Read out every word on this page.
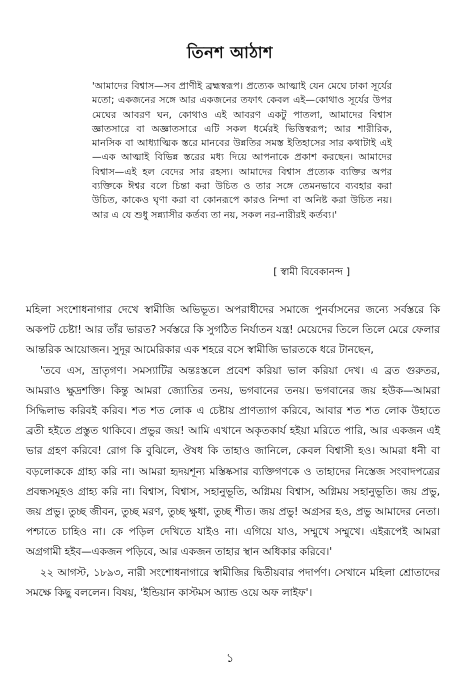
তিনশ আঠাশ
'আমাদের বিশ্বাস—সব প্রাণীই ব্রহ্মস্বরূপ। প্রত্যেক আত্মাই যেন মেঘে ঢাকা সূর্যের মতো; একজনের সঙ্গে আর একজনের তফাৎ কেবল এই—কোথাও সূর্যের উপর মেঘের আবরণ ঘন, কোথাও এই আবরণ একটু পাতলা, আমাদের বিশ্বাস জ্ঞাতসারে বা অজ্ঞাতসারে এটি সকল ধর্মেরই ভিত্তিস্বরূপ; আর শারীরিক, মানসিক বা আধ্যাত্মিক স্তরে মানবের উন্নতির সমস্ত ইতিহাসের সার কথাটাই এই—এক আত্মাই বিভিন্ন স্তরের মধ্য দিয়ে আপনাকে প্রকাশ করছেন। আমাদের বিশ্বাস—এই হল বেদের সার রহস্য। আমাদের বিশ্বাস প্রত্যেক ব্যক্তির অপর ব্যক্তিকে ঈশ্বর বলে চিন্তা করা উচিত ও তার সঙ্গে তেমনভাবে ব্যবহার করা উচিত, কাকেও ঘৃণা করা বা কোনরূপে কারও নিন্দা বা অনিষ্ট করা উচিত নয়। আর এ যে শুধু সন্ন্যাসীর কর্তব্য তা নয়, সকল নর-নারীরই কর্তব্য।'
[ স্বামী বিবেকানন্দ ]

মহিলা সংশোধনাগার দেখে স্বামীজি অভিভূত। অপরাধীদের সমাজে পুনর্বাসনের জন্যে সর্বস্তরে কি অকপট চেষ্টা! আর তাঁর ভারত? সর্বস্তরে কি সুগঠিত নির্যাতন যন্ত্র! মেয়েদের তিলে তিলে মেরে ফেলার আন্তরিক আয়োজন। সুদূর আমেরিকার এক শহরে বসে স্বামীজি ভারতকে ধরে টানছেন,

'তবে এস, ভ্রাতৃগণ। সমস্যাটির অন্তঃস্তলে প্রবেশ করিয়া ভাল করিয়া দেখ। এ ব্রত গুরুতর, আমরাও ক্ষুদ্রশক্তি। কিন্তু আমরা জ্যোতির তনয়, ভগবানের তনয়। ভগবানের জয় হউক—আমরা সিদ্ধিলাভ করিবই করিব। শত শত লোক এ চেষ্টায় প্রাণত্যাগ করিবে, আবার শত শত লোক উহাতে ব্রতী হইতে প্রস্তুত থাকিবে। প্রভুর জয়! আমি এখানে অকৃতকার্য হইয়া মরিতে পারি, আর একজন এই ভার গ্রহণ করিবে! রোগ কি বুঝিলে, ঔষধ কি তাহাও জানিলে, কেবল বিশ্বাসী হও। আমরা ধনী বা বড়লোককে গ্রাহ্য করি না। আমরা হৃদয়শূন্য মস্তিষ্কসার ব্যক্তিগণকে ও তাহাদের নিস্তেজ সংবাদপত্রের প্রবন্ধসমূহও গ্রাহ্য করি না। বিশ্বাস, বিশ্বাস, সহানুভূতি, অগ্নিময় বিশ্বাস, অগ্নিময় সহানুভূতি। জয় প্রভু, জয় প্রভু। তুচ্ছ জীবন, তুচ্ছ মরণ, তুচ্ছ ক্ষুধা, তুচ্ছ শীত। জয় প্রভু! অগ্রসর হও, প্রভু আমাদের নেতা। পশ্চাতে চাহিও না। কে পড়িল দেখিতে যাইও না। এগিয়ে যাও, সম্মুখে সম্মুখে। এইরূপেই আমরা অগ্রগামী হইব—একজন পড়িবে, আর একজন তাহার স্থান অধিকার করিবে।'

২২ আগস্ট, ১৮৯৩, নারী সংশোধনাগারে স্বামীজির দ্বিতীয়বার পদার্পণ। সেখানে মহিলা শ্রোতাদের সমক্ষে কিছু বললেন। বিষয়, 'ইন্ডিয়ান কাস্টমস অ্যান্ড ওয়ে অফ লাইফ'।

১
